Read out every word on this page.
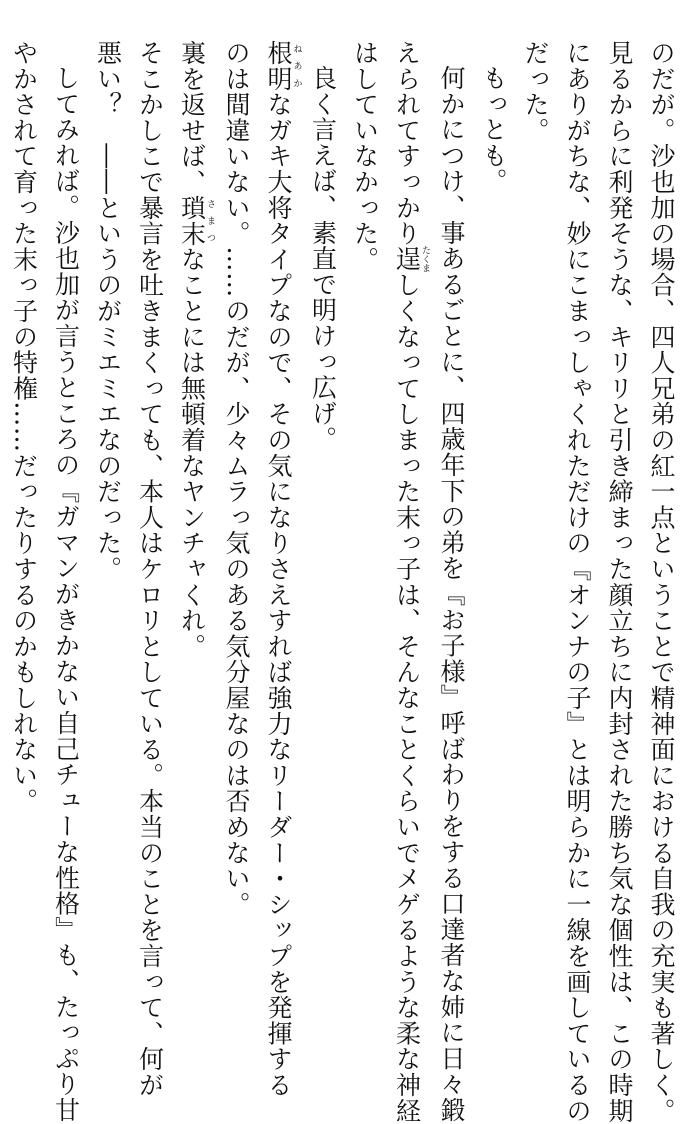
のだが。沙也加の場合、四人兄弟の紅一点ということで精神面における自我の充実も著しく。
見るからに利発そうな、キリリと引き締まった顔立ちに内封された勝ち気な個性は、この時期
にありがちな、妙にこまっしゃくれただけの『オンナの子』とは明らかに一線を画しているの
だった。
もっとも。
何かにつけ、事あるごとに、四歳年下の弟を『お子様』呼ばわりをする口達者な姉に日々鍛
えられてすっかり逞たくましくなってしまった末っ子は、そんなことくらいでメゲるような柔な神経
はしていなかった。
良く言えば、素直で明けっ広げ。
根明ねあかなガキ大将タイプなので、その気になりさえすれば強力なリーダー・シップを発揮する
のは間違いない。……のだが、少々ムラっ気のある気分屋なのは否めない。
裏を返せば、瑣末さまつなことには無頓着なヤンチャくれ。
そこかしこで暴言を吐きまくっても、本人はケロリとしている。本当のことを言って、何が
悪い？　――というのがミエミエなのだった。
してみれば。沙也加が言うところの『ガマンがきかない自己チューな性格』も、たっぷり甘
やかされて育った末っ子の特権……だったりするのかもしれない。
